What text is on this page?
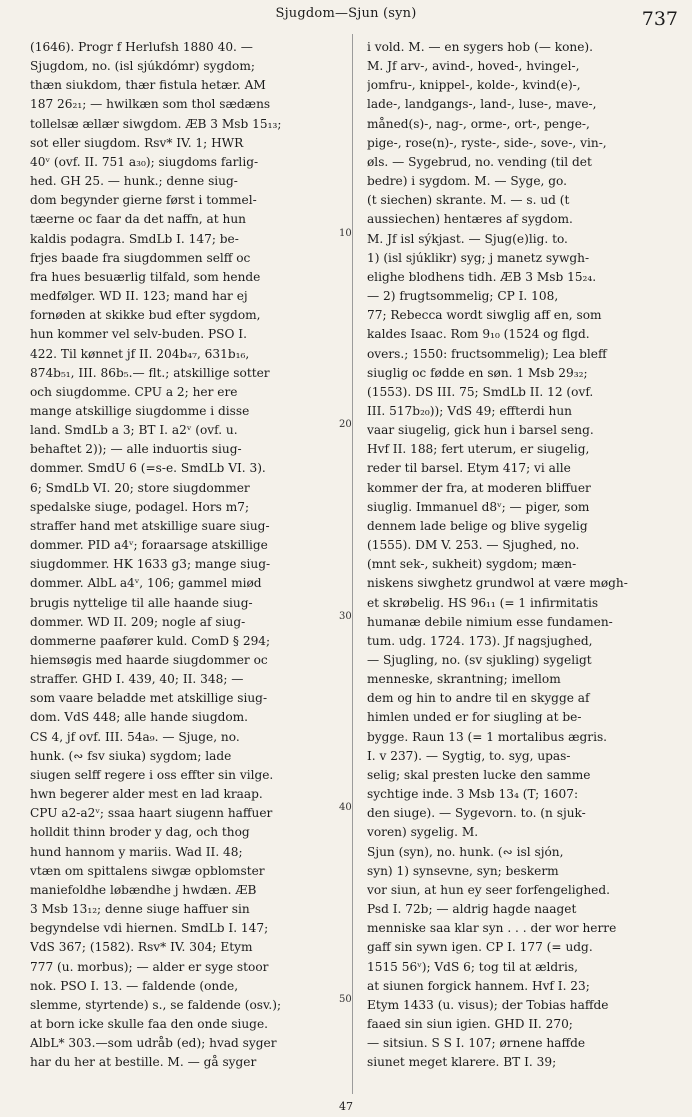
Sjugdom—Sjun (syn)	737
(1646). Progr f Herlufsh 1880 40. —
Sjugdom, no. (isl sjúkdómr) sygdom;
thæn siukdom, thær fistula hetær. AM
187 26₂₁; — hwilkæn som thol sædæns
tollelsæ ællær siwgdom. ÆB 3 Msb 15₁₃;
sot eller siugdom. Rsv* IV. 1; HWR
40ᵛ (ovf. II. 751 a₃₀); siugdoms farlig-
hed. GH 25. — hunk.; denne siug-
dom begynder gierne først i tommel-
tæerne oc faar da det naffn, at hun
kaldis podagra. SmdLb I. 147; be-
frjes baade fra siugdommen selff oc
fra hues besuærlig tilfald, som hende
medfølger. WD II. 123; mand har ej
fornøden at skikke bud efter sygdom,
hun kommer vel selv-buden. PSO I.
422. Til kønnet jf II. 204b₄₇, 631b₁₆,
874b₅₁, III. 86b₅.— flt.; atskillige sotter
och siugdomme. CPU a 2; her ere
mange atskillige siugdomme i disse
land. SmdLb a 3; BT I. a2ᵛ (ovf. u.
behaftet 2)); — alle induortis siug-
dommer. SmdU 6 (=s-e. SmdLb VI. 3).
6; SmdLb VI. 20; store siugdommer
spedalske siuge, podagel. Hors m7;
straffer hand met atskillige suare siug-
dommer. PID a4ᵛ; foraarsage atskillige
siugdommer. HK 1633 g3; mange siug-
dommer. AlbL a4ᵛ, 106; gammel miød
brugis nyttelige til alle haande siug-
dommer. WD II. 209; nogle af siug-
dommerne paafører kuld. ComD § 294;
hiemsøgis med haarde siugdommer oc
straffer. GHD I. 439, 40; II. 348; —
som vaare beladde met atskillige siug-
dom. VdS 448; alle hande siugdom.
CS 4, jf ovf. III. 54a₉. — Sjuge, no.
hunk. (∾ fsv siuka) sygdom; lade
siugen selff regere i oss effter sin vilge.
hwn begerer alder mest en lad kraap.
CPU a2-a2ᵛ; ssaa haart siugenn haffuer
holldit thinn broder y dag, och thog
hund hannom y mariis. Wad II. 48;
vtæn om spittalens siwgæ opblomster
maniefoldhe løbændhe j hwdæn. ÆB
3 Msb 13₁₂; denne siuge haffuer sin
begyndelse vdi hiernen. SmdLb I. 147;
VdS 367; (1582). Rsv* IV. 304; Etym
777 (u. morbus); — alder er syge stoor
nok. PSO I. 13. — faldende (onde,
slemme, styrtende) s., se faldende (osv.);
at born icke skulle faa den onde siuge.
AlbL* 303.—som udråb (ed); hvad syger
har du her at bestille. M. — gå syger
10
20
30
40
50
i vold. M. — en sygers hob (— kone).
M. Jf arv-, avind-, hoved-, hvingel-,
jomfru-, knippel-, kolde-, kvind(e)-,
lade-, landgangs-, land-, luse-, mave-,
måned(s)-, nag-, orme-, ort-, penge-,
pige-, rose(n)-, ryste-, side-, sove-, vin-,
øls. — Sygebrud, no. vending (til det
bedre) i sygdom. M. — Syge, go.
(t siechen) skrante. M. — s. ud (t
aussiechen) hentæres af sygdom.
M. Jf isl sýkjast. — Sjug(e)lig. to.
1) (isl sjúklikr) syg; j manetz sywgh-
elighe blodhens tidh. ÆB 3 Msb 15₂₄.
— 2) frugtsommelig; CP I. 108,
77; Rebecca wordt siwglig aff en, som
kaldes Isaac. Rom 9₁₀ (1524 og flgd.
overs.; 1550: fructsommelig); Lea bleff
siuglig oc fødde en søn. 1 Msb 29₃₂;
(1553). DS III. 75; SmdLb II. 12 (ovf.
III. 517b₂₀)); VdS 49; effterdi hun
vaar siugelig, gick hun i barsel seng.
Hvf II. 188; fert uterum, er siugelig,
reder til barsel. Etym 417; vi alle
kommer der fra, at moderen bliffuer
siuglig. Immanuel d8ᵛ; — piger, som
dennem lade belige og blive sygelig
(1555). DM V. 253. — Sjughed, no.
(mnt sek-, sukheit) sygdom; mæn-
niskens siwghetz grundwol at være møgh-
et skrøbelig. HS 96₁₁ (= 1 infirmitatis
humanæ debile nimium esse fundamen-
tum. udg. 1724. 173). Jf nagsjughed,
— Sjugling, no. (sv sjukling) sygeligt
menneske, skrantning; imellom
dem og hin to andre til en skygge af
himlen unded er for siugling at be-
bygge. Raun 13 (= 1 mortalibus ægris.
I. v 237). — Sygtig, to. syg, upas-
selig; skal presten lucke den samme
sychtige inde. 3 Msb 13₄ (T; 1607:
den siuge). — Sygevorn. to. (n sjuk-
voren) sygelig. M.
Sjun (syn), no. hunk. (∾ isl sjón,
syn) 1) synsevne, syn; beskerm
vor siun, at hun ey seer forfengelighed.
Psd I. 72b; — aldrig hagde naaget
menniske saa klar syn . . . der wor herre
gaff sin sywn igen. CP I. 177 (= udg.
1515 56ᵛ); VdS 6; tog til at ældris,
at siunen forgick hannem. Hvf I. 23;
Etym 1433 (u. visus); der Tobias haffde
faaed sin siun igien. GHD II. 270;
— sitsiun. S S I. 107; ørnene haffde
siunet meget klarere. BT I. 39;
47
